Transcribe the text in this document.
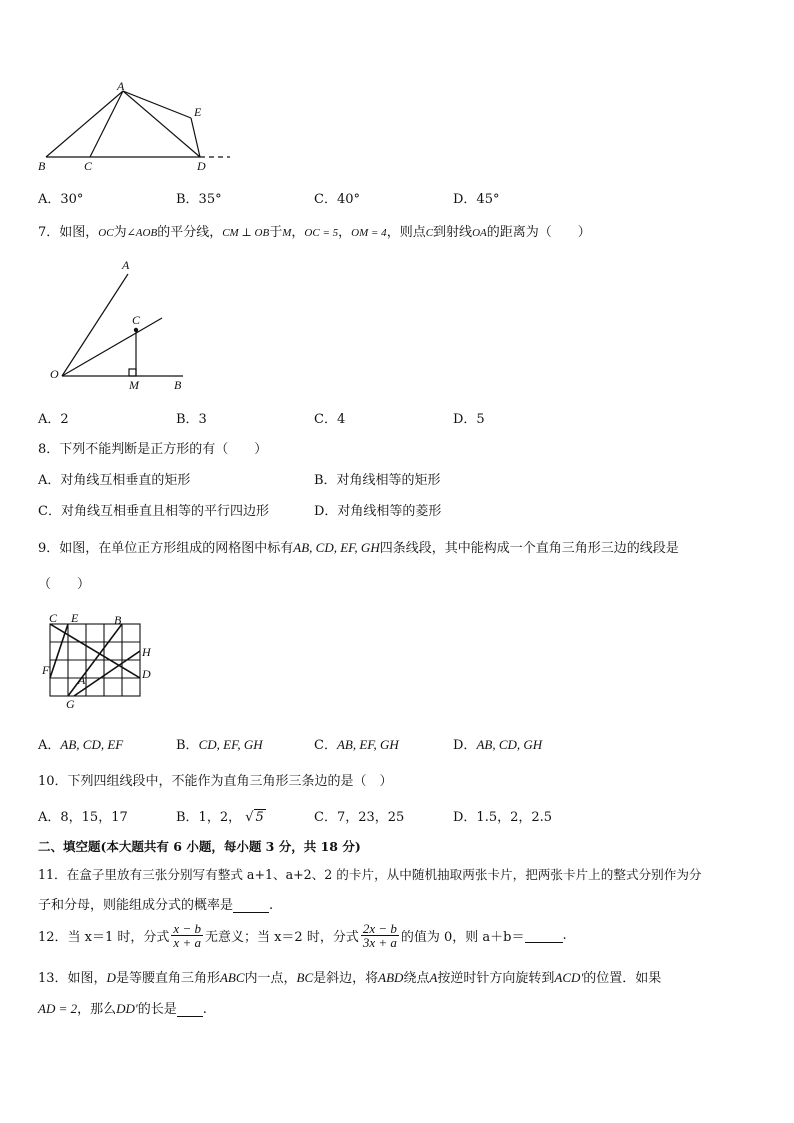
A
E
B	C	D
A．30°	B．35°	C．40°	D．45°
7．如图，OC为∠AOB的平分线，CM ⊥ OB于M，OC = 5，OM = 4，则点C到射线OA的距离为（　　）
A
C
O
M	B
A．2	B．3	C．4	D．5
8．下列不能判断是正方形的有（　　）
A．对角线互相垂直的矩形	B．对角线相等的矩形
C．对角线互相垂直且相等的平行四边形	D．对角线相等的菱形
9．如图，在单位正方形组成的网格图中标有AB, CD, EF, GH四条线段，其中能构成一个直角三角形三边的线段是
（　　）
C E	B
H
F
A	D
G
A．AB, CD, EF	B．CD, EF, GH	C．AB, EF, GH	D．AB, CD, GH
10．下列四组线段中，不能作为直角三角形三条边的是（　）
A．8，15，17	B．1，2， √ 5	C．7，23，25	D．1.5，2，2.5
二、填空题(本大题共有 6 小题，每小题 3 分，共 18 分)
11．在盒子里放有三张分别写有整式 a+1、a+2、2 的卡片，从中随机抽取两张卡片，把两张卡片上的整式分别作为分
子和分母，则能组成分式的概率是	.
12．当 x＝1 时，分式 $\frac{x - b}{x + a}$ 无意义；当 x＝2 时，分式 $\frac{2x - b}{3x + a}$ 的值为 0，则 a＋b＝	.
13．如图，D是等腰直角三角形ABC内一点，BC是斜边，将ABD绕点A按逆时针方向旋转到ACD′的位置．如果
AD = 2，那么DD′的长是 .
